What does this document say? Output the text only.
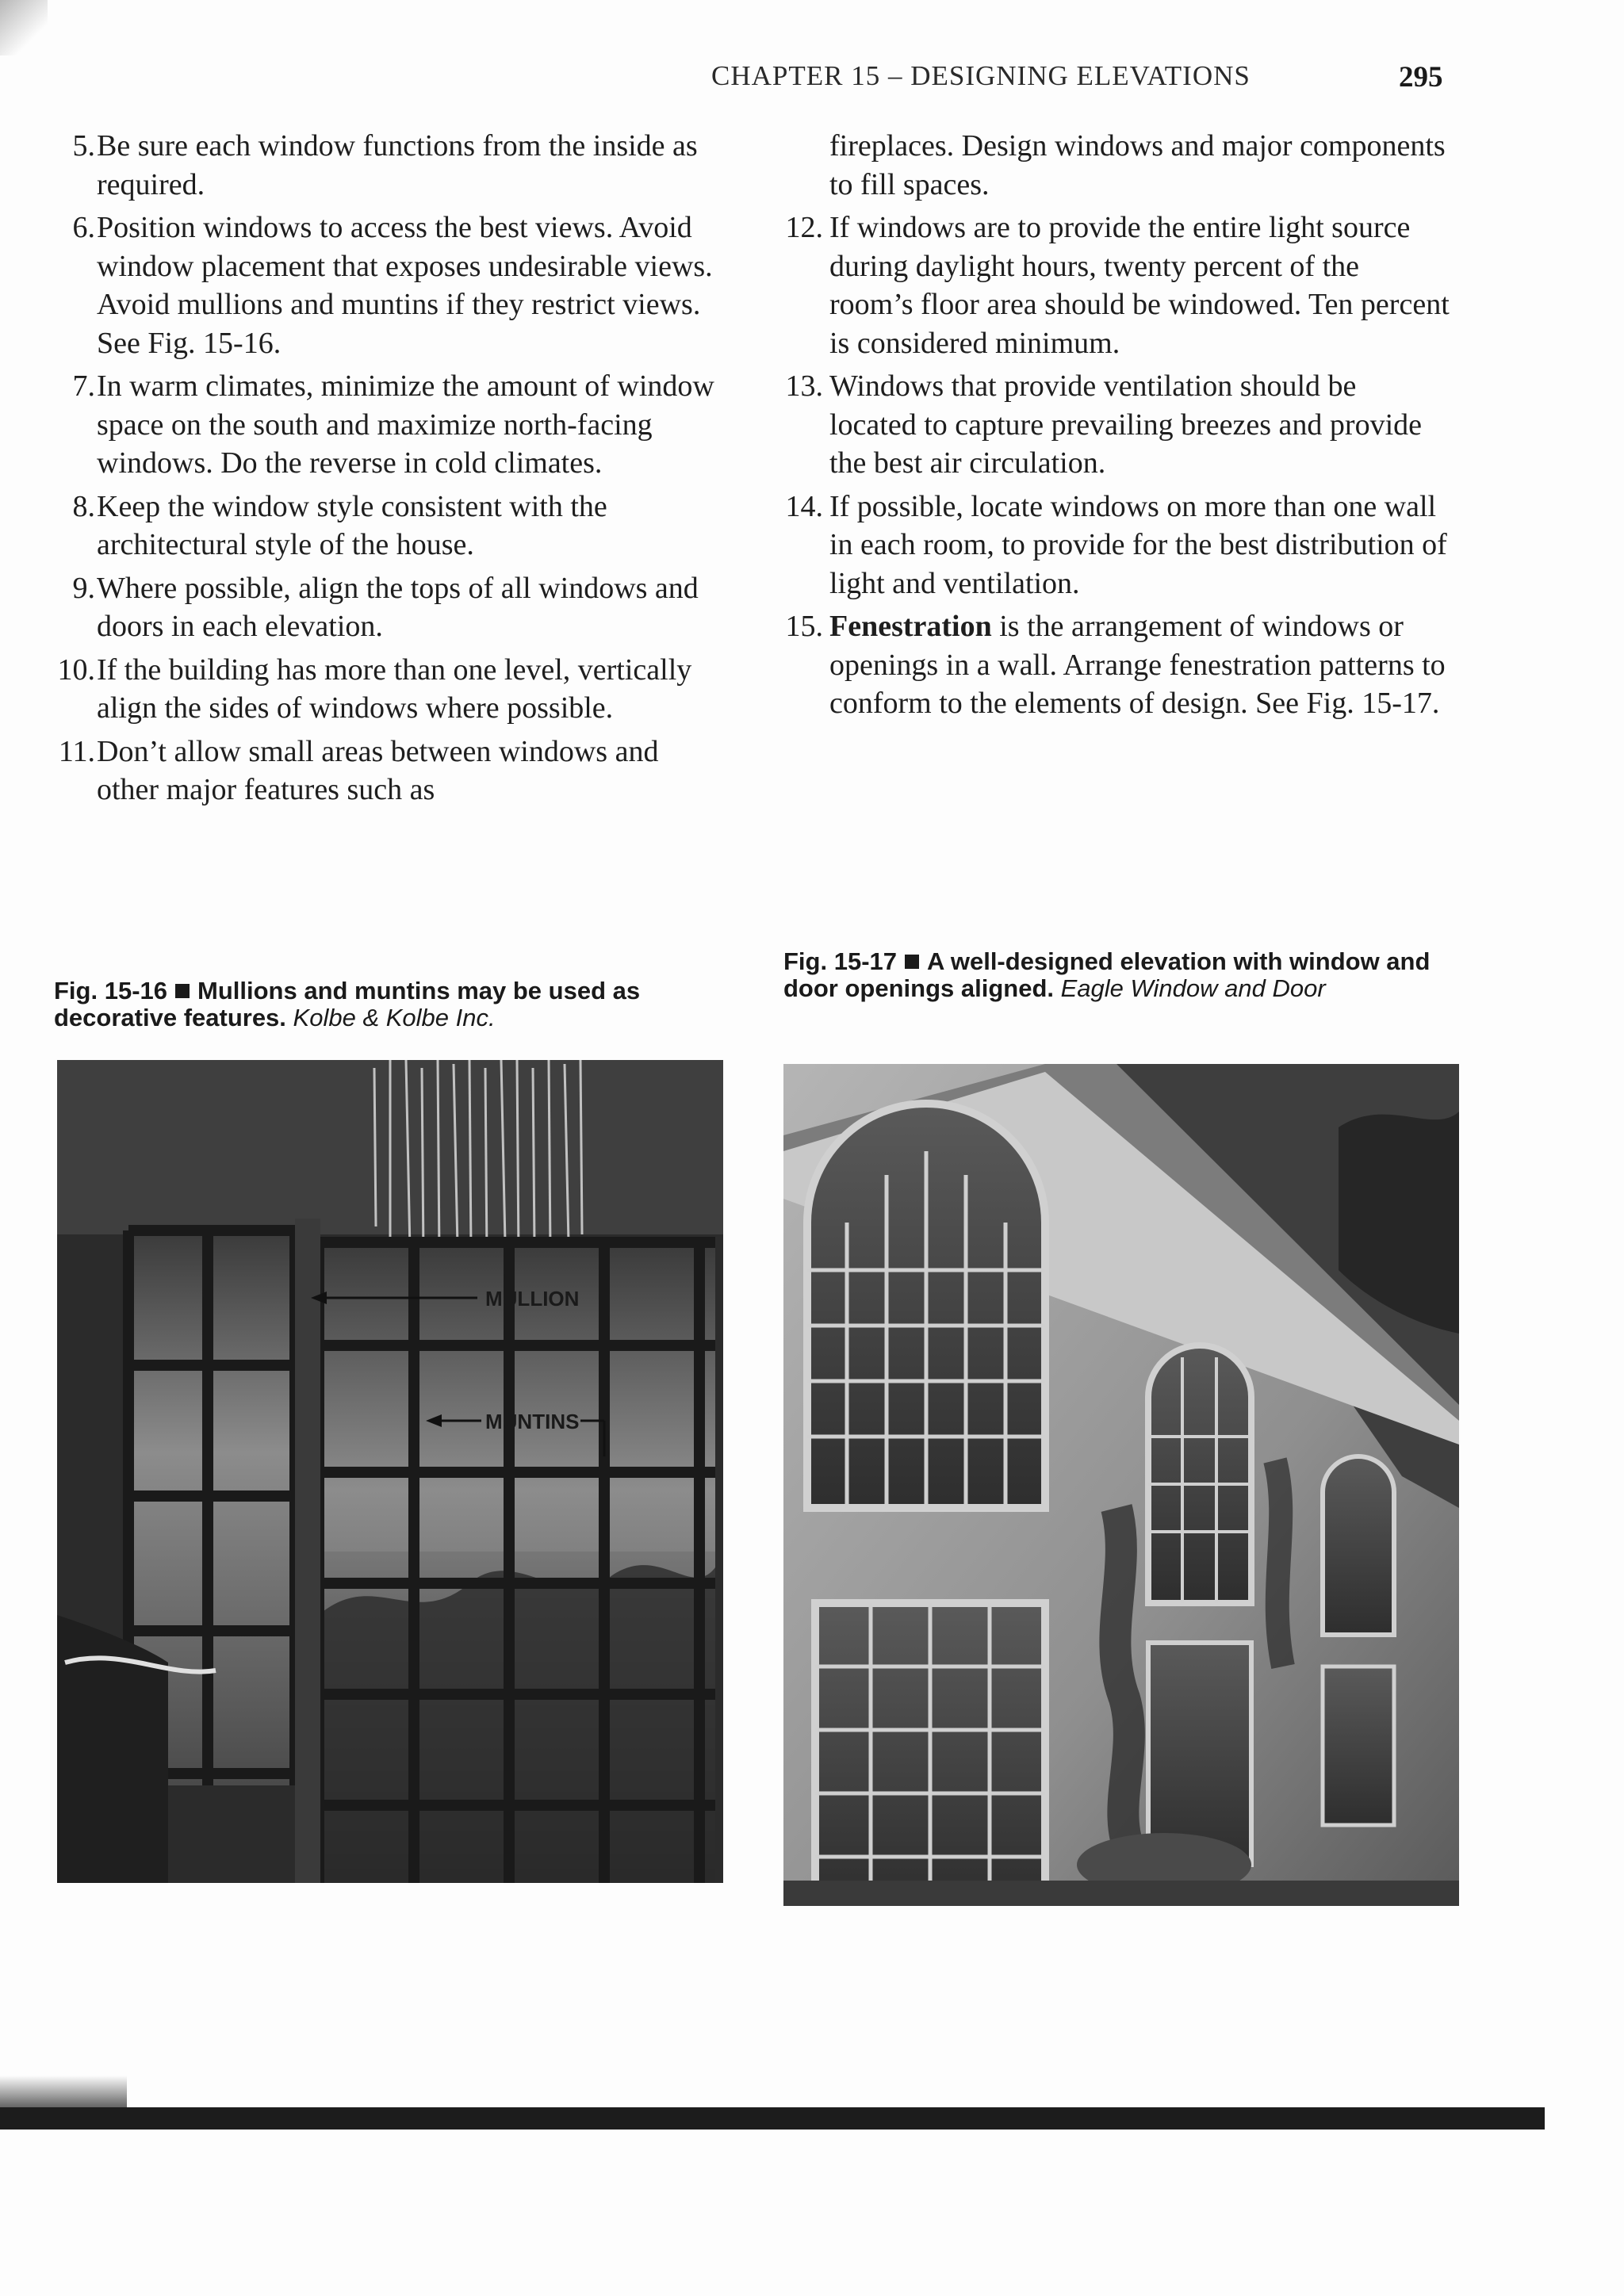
CHAPTER 15 – DESIGNING ELEVATIONS	295
5. Be sure each window functions from the inside as required.
6. Position windows to access the best views. Avoid window placement that exposes undesirable views. Avoid mullions and muntins if they restrict views. See Fig. 15-16.
7. In warm climates, minimize the amount of window space on the south and maximize north-facing windows. Do the reverse in cold climates.
8. Keep the window style consistent with the architectural style of the house.
9. Where possible, align the tops of all windows and doors in each elevation.
10. If the building has more than one level, vertically align the sides of windows where possible.
11. Don’t allow small areas between windows and other major features such as
fireplaces. Design windows and major components to fill spaces.
12. If windows are to provide the entire light source during daylight hours, twenty percent of the room’s floor area should be windowed. Ten percent is considered minimum.
13. Windows that provide ventilation should be located to capture prevailing breezes and provide the best air circulation.
14. If possible, locate windows on more than one wall in each room, to provide for the best distribution of light and ventilation.
15. Fenestration is the arrangement of windows or openings in a wall. Arrange fenestration patterns to conform to the elements of design. See Fig. 15-17.
Fig. 15-16 Mullions and muntins may be used as decorative features. Kolbe & Kolbe Inc.
Fig. 15-17 A well-designed elevation with window and door openings aligned. Eagle Window and Door
MULLION
MUNTINS
